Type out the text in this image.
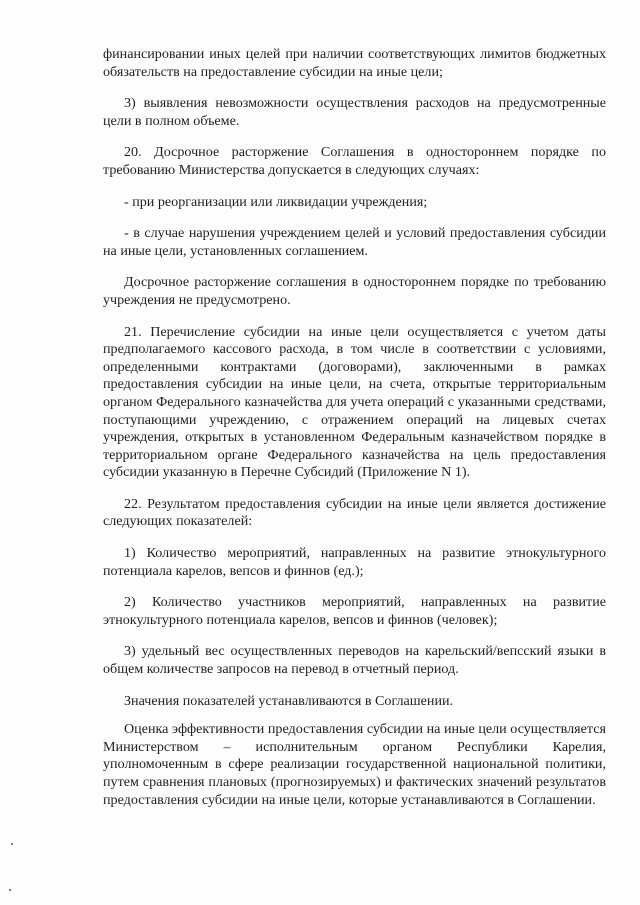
финансировании иных целей при наличии соответствующих лимитов бюджетных обязательств на предоставление субсидии на иные цели;

3) выявления невозможности осуществления расходов на предусмотренные цели в полном объеме.

20. Досрочное расторжение Соглашения в одностороннем порядке по требованию Министерства допускается в следующих случаях:

- при реорганизации или ликвидации учреждения;

- в случае нарушения учреждением целей и условий предоставления субсидии на иные цели, установленных соглашением.

Досрочное расторжение соглашения в одностороннем порядке по требованию учреждения не предусмотрено.

21. Перечисление субсидии на иные цели осуществляется с учетом даты предполагаемого кассового расхода, в том числе в соответствии с условиями, определенными контрактами (договорами), заключенными в рамках предоставления субсидии на иные цели, на счета, открытые территориальным органом Федерального казначейства для учета операций с указанными средствами, поступающими учреждению, с отражением операций на лицевых счетах учреждения, открытых в установленном Федеральным казначейством порядке в территориальном органе Федерального казначейства на цель предоставления субсидии указанную в Перечне Субсидий (Приложение N 1).

22. Результатом предоставления субсидии на иные цели является достижение следующих показателей:

1) Количество мероприятий, направленных на развитие этнокультурного потенциала карелов, вепсов и финнов (ед.);

2) Количество участников мероприятий, направленных на развитие этнокультурного потенциала карелов, вепсов и финнов (человек);

3) удельный вес осуществленных переводов на карельский/вепсский языки в общем количестве запросов на перевод в отчетный период.

Значения показателей устанавливаются в Соглашении.

Оценка эффективности предоставления субсидии на иные цели осуществляется Министерством – исполнительным органом Республики Карелия, уполномоченным в сфере реализации государственной национальной политики, путем сравнения плановых (прогнозируемых) и фактических значений результатов предоставления субсидии на иные цели, которые устанавливаются в Соглашении.
